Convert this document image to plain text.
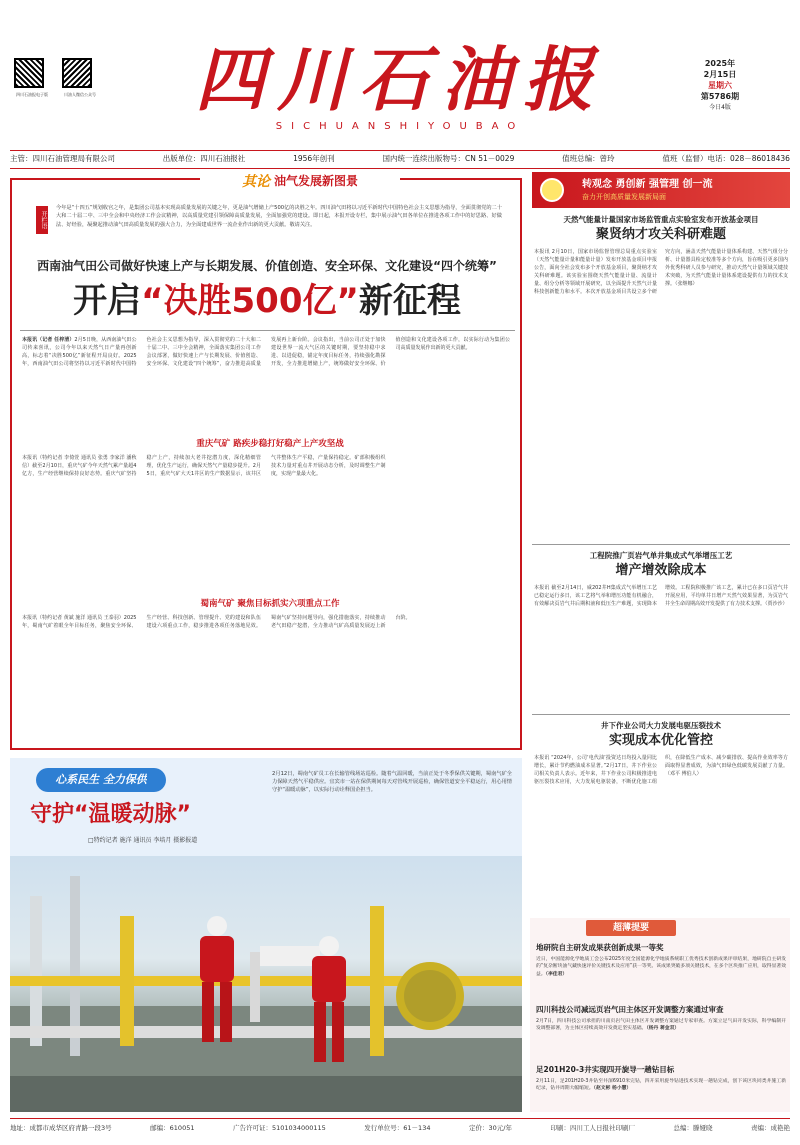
四川石油报电子版	川油人微信公众号 四川石油报
SICHUANSHIYOUBAO
2025年
2月15日
星期六
第5786期
今日4版
主管：四川石油管理局有限公司	出版单位：四川石油报社	1956年创刊	国内统一连续出版物号：CN 51－0029	值班总编：曾玲	值班（监督）电话：028－86018436
其论 油气发展新图景
开栏语
今年是“十四五”规划收官之年，是集团公司基本实现高质量发展的关键之年，更是油气增储上产500亿的决胜之年。四川油气田将以习近平新时代中国特色社会主义思想为指导，全面贯彻党的二十大和二十届二中、三中全会和中央经济工作会议精神，以高质量党建引领保障高质量发展，全面加强党的建设。即日起，本报开设专栏，集中展示油气田各单位在推进各项工作中的好思路、好做法、好经验，凝聚起推动油气田高质量发展的强大合力，为全面建成世界一流企业作出新的更大贡献。敬请关注。
西南油气田公司做好快速上产与长期发展、价值创造、安全环保、文化建设“四个统筹”
开启 “决胜500亿” 新征程
本报讯（记者 任梓清）2月5日晚，从西南油气田公司传来喜讯，公司今年以来天然气日产量再创新高，标志着“决胜500亿”新征程开局良好。2025年，西南油气田公司将坚持以习近平新时代中国特色社会主义思想为指导，深入贯彻党的二十大和二十届二中、三中全会精神，全面落实集团公司工作会议部署，做好快速上产与长期发展、价值创造、安全环保、文化建设“四个统筹”，奋力推进高质量发展再上新台阶。会议指出，当前公司正处于加快建设世界一流大气区的关键时期，要坚持稳中求进、以进促稳，锚定年度目标任务，持续强化勘探开发，全力推进增储上产，统筹做好安全环保、价值创造和文化建设各项工作，以实际行动为集团公司高质量发展作出新的更大贡献。
重庆气矿 路疾步稳打好稳产上产攻坚战
本报讯（特约记者 李倚萱 通讯员 张勇 李家洋 潘秋信）截至2月10日，重庆气矿今年天然气累产量超4亿方，生产经营继续保持良好态势。重庆气矿坚持稳产上产，持续加大老井挖潜力度，深化精细管理，优化生产运行，确保天然气产量稳步提升。2月5日，重庆气矿大天1井区的生产数据显示，该井区气井整体生产平稳，产量保持稳定。矿部积极组织技术力量对重点井开展动态分析，及时调整生产制度，实现产量最大化。
蜀南气矿 聚焦目标抓实六项重点工作
本报讯（特约记者 黄斌 施洋 通讯员 王泰羽）2025年，蜀南气矿着眼全年目标任务，聚焦安全环保、生产经营、科技创新、管理提升、党的建设和队伍建设六项重点工作，稳步推进各项任务落地见效。蜀南气矿坚持问题导向，强化措施落实，持续推动老气田稳产挖潜，全力推动气矿高质量发展迈上新台阶。
转观念 勇创新 强管理 创一流
奋力开创高质量发展新局面
天然气能量计量国家市场监管重点实验室发布开放基金项目
聚贤纳才攻关科研难题
本报讯 2月10日，国家市场监督管理总局重点实验室（天然气能量计量和能量计量）发布开放基金项目申报公告，面向全社会发布多个开放基金项目，聚贤纳才攻关科研难题。该实验室围绕天然气能量计量、流量计量、组分分析等领域开展研究，以全面提升天然气计量科技创新能力和水平。本次开放基金项目共设立多个研究方向，涵盖天然气能量计量体系构建、天然气组分分析、计量器具检定校准等多个方向，旨在吸引更多国内外优秀科研人员参与研究，推动天然气计量领域关键技术突破，为天然气能量计量体系建设提供有力的技术支撑。（张继娜）
工程院推广页岩气单井集成式气举增压工艺
增产增效除成本
本报讯 截至2月14日，威202井H集成式气举增压工艺已稳定运行多日，该工艺将气举和增压功能有机融合，有效解决页岩气井后期积液和低压生产难题，实现降本增效。工程院积极推广该工艺，累计已在多口页岩气井开展应用，平均单井日增产天然气效果显著，为页岩气井全生命周期高效开发提供了有力技术支撑。（贾沙沙）
井下作业公司大力发展电驱压裂技术
实现成本优化管控
本报讯 “2024年，公司‘电代油’投资达日均投入量同比增长，累计节约燃油成本显著。”2月17日，井下作业公司相关负责人表示。近年来，井下作业公司积极推进电驱压裂技术应用，大力发展电驱装备，不断优化施工组织，在降低生产成本、减少碳排放、提高作业效率等方面取得显著成效，为油气田绿色低碳发展贡献了力量。（邓平 傅伯人）
心系民生 全力保供
守护“温暖动脉”
□特约记者 施洋 通讯员 李培月 摄影报道
2月12日，蜀南气矿员工在长输管线场站巡检。随着气温回暖，当前正处于冬季保供关键期，蜀南气矿全力保障天然气平稳供应。宜宾市一站在保供期间每天对管线开展巡检，确保管道安全平稳运行，用心用情守护“温暖动脉”，以实际行动诠释国企担当。
超薄提要
地研院自主研发成果获创新成果一等奖
近日，中国能源化学地质工会公布2025年度全国能源化学地质系统职工优秀技术创新成果评审结果，地研院自主研发的“复杂断块油气藏快速评价关键技术及应用”获一等奖。该成果突破多项关键技术，在多个区块推广应用，取得显著效益。（李佳君）
四川科技公司减远页岩气田主体区开发调整方案通过审查
2月7日，四川科技公司承担的川南页岩气田主体区开发调整方案通过专家审查。方案立足气田开发实际，科学编制开发调整部署，为主体区持续高效开发奠定坚实基础。（杨丹 蒋金双）
足201H20-3井实现四开旋导一趟钻目标
2月11日，足201H20-3井钻至井深6910米完钻，四开采用旋导钻进技术实现一趟钻完成，创下该区块同类井施工新纪录，钻井周期大幅缩短。（赵文彬 杨小慧）
地址：成都市成华区府青路一段3号	邮编：610051	广告许可证：5101034000115	发行单位号：61－134	定价：30元/年	印刷：四川工人日报社印刷厂	总编：滕娅晓	责编：成艳艳
